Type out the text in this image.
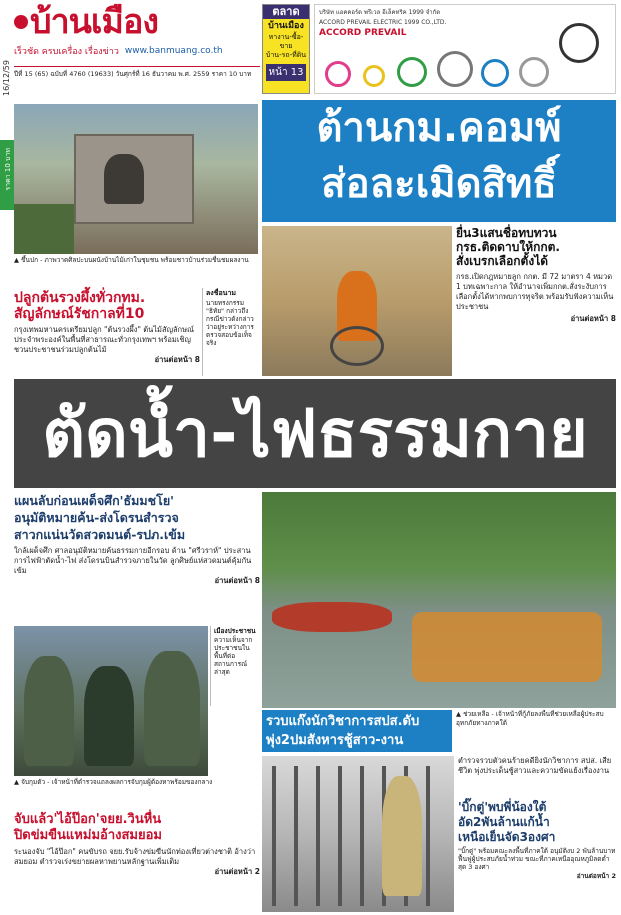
16/12/59
ราคา 10 บาท
บ้านเมือง
เร็วชัด ครบเครื่อง เรื่องข่าว www.banmuang.co.th
ปีที่ 15 (65) ฉบับที่ 4760 (19633) วันศุกร์ที่ 16 ธันวาคม พ.ศ. 2559 ราคา 10 บาท
ตลาด
บ้านเมือง
หางาน-ซื้อ-ขาย
บ้าน-รถ-ที่ดิน
หน้า 13
บริษัท แอคคอร์ด พรีเวล อีเล็คทริค 1999 จำกัด
ACCORD PREVAIL ELECTRIC 1999 CO.,LTD.
ACCORD PREVAIL
▲ ขึ้นปก - ภาพวาดศิลปะบนผนังบ้านไม้เก่าในชุมชน พร้อมชาวบ้านร่วมชื่นชมผลงาน
ต้านกม.คอมพ์
ส่อละเมิดสิทธิ์
ปลูกต้นรวงผึ้งทั่วกทม.
สัญลักษณ์รัชกาลที่10
กรุงเทพมหานครเตรียมปลูก "ต้นรวงผึ้ง" ต้นไม้สัญลักษณ์ประจำพระองค์ในพื้นที่สาธารณะทั่วกรุงเทพฯ พร้อมเชิญชวนประชาชนร่วมปลูกต้นไม้
อ่านต่อหน้า 8
ลงชื่อนาม
นายทรงกรรม "ธิทัย" กล่าวถึงกรณีข่าวดังกล่าวว่าอยู่ระหว่างการตรวจสอบข้อเท็จจริง
ยื่น3แสนชื่อทบทวน
กรธ.ติดดาบให้กกต.
สั่งเบรกเลือกตั้งได้
กรธ.เปิดกฎหมายลูก กกต. มี 72 มาตรา 4 หมวด 1 บทเฉพาะกาล ให้อำนาจเพิ่มกกต.สั่งระงับการเลือกตั้งได้หากพบการทุจริต พร้อมรับฟังความเห็นประชาชน
อ่านต่อหน้า 8
ตัดน้ำ-ไฟธรรมกาย
แผนลับก่อนเผด็จศึก'ธัมมชโย'
อนุมัติหมายค้น-ส่งโดรนสำรวจ
สาวกแน่นวัดสวดมนต์-รปภ.เข้ม
ใกล้เผด็จศึก ศาลอนุมัติหมายค้นธรรมกายอีกรอบ ด้าน "ศรีวราห์" ประสานการไฟฟ้าตัดน้ำ-ไฟ ส่งโดรนบินสำรวจภายในวัด ลูกศิษย์แห่สวดมนต์คุ้มกันเข้ม
อ่านต่อหน้า 8
เมืองประชาชน
ความเห็นจากประชาชนในพื้นที่ต่อสถานการณ์ล่าสุด
▲ จับกุมตัว - เจ้าหน้าที่ตำรวจแถลงผลการจับกุมผู้ต้องหาพร้อมของกลาง
จับแล้ว'ไอ้ป๊อก'จยย.วินหื่น
ปิดข่มขืนแหม่มอ้างสมยอม
ระนองจับ "ไอ้ป๊อก" คนขับรถ จยย.รับจ้างข่มขืนนักท่องเที่ยวต่างชาติ อ้างว่าสมยอม ตำรวจเร่งขยายผลหาพยานหลักฐานเพิ่มเติม
อ่านต่อหน้า 2
รวบแก๊งนักวิชาการสปส.ดับ
พุ่ง2ปมสังหารชู้สาว-งาน
▲ ช่วยเหลือ - เจ้าหน้าที่กู้ภัยลงพื้นที่ช่วยเหลือผู้ประสบอุทกภัยทางภาคใต้
ตำรวจรวบตัวคนร้ายคดียิงนักวิชาการ สปส. เสียชีวิต พุ่งประเด็นชู้สาวและความขัดแย้งเรื่องงาน
'บิ๊กตู่'พบพี่น้องใต้
อัด2พันล้านแก้น้ำ
เหนือเย็นจัด3องศา
"บิ๊กตู่" พร้อมคณะลงพื้นที่ภาคใต้ อนุมัติงบ 2 พันล้านบาทฟื้นฟูผู้ประสบภัยน้ำท่วม ขณะที่ภาคเหนืออุณหภูมิลดต่ำสุด 3 องศา
อ่านต่อหน้า 2
